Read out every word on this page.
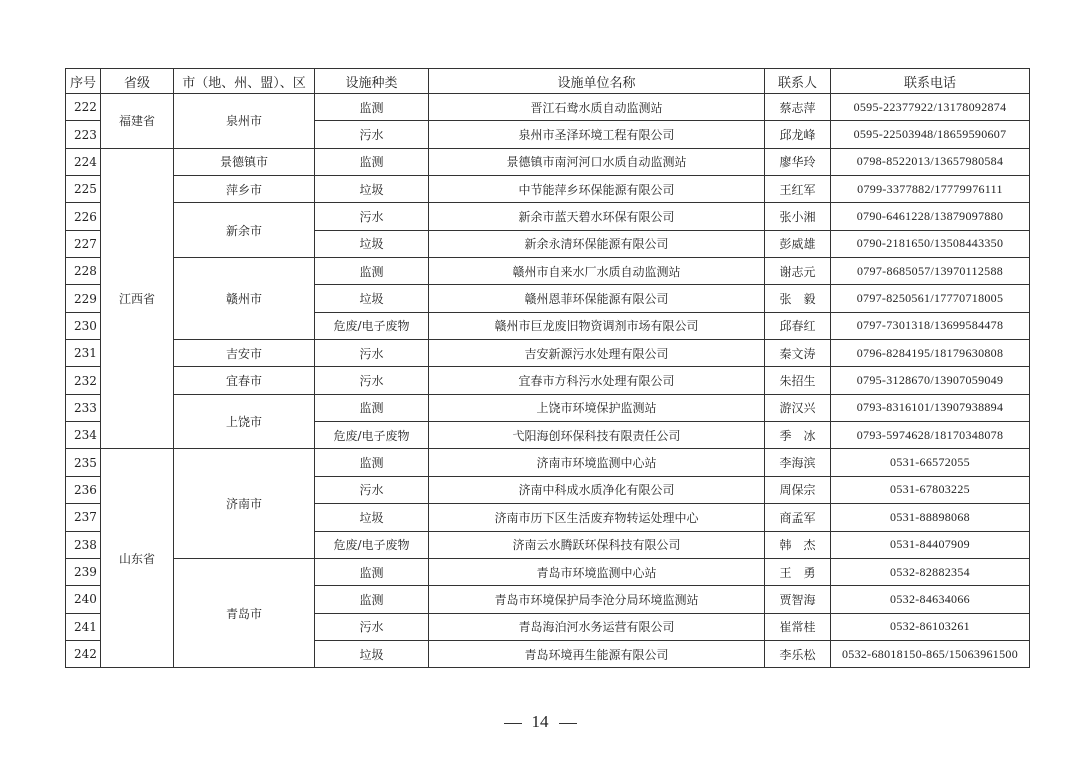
序号	省级	市（地、州、盟）、区	设施种类	设施单位名称	联系人	联系电话
222	福建省	泉州市	监测	晋江石鸯水质自动监测站	蔡志萍	0595-22377922/13178092874
223			污水	泉州市圣泽环境工程有限公司	邱龙峰	0595-22503948/18659590607
224	江西省	景德镇市	监测	景德镇市南河河口水质自动监测站	廖华玲	0798-8522013/13657980584
225		萍乡市	垃圾	中节能萍乡环保能源有限公司	王红军	0799-3377882/17779976111
226		新余市	污水	新余市蓝天碧水环保有限公司	张小湘	0790-6461228/13879097880
227			垃圾	新余永清环保能源有限公司	彭威雄	0790-2181650/13508443350
228		赣州市	监测	赣州市自来水厂水质自动监测站	谢志元	0797-8685057/13970112588
229			垃圾	赣州恩菲环保能源有限公司	张　毅	0797-8250561/17770718005
230			危废/电子废物	赣州市巨龙废旧物资调剂市场有限公司	邱春红	0797-7301318/13699584478
231		吉安市	污水	吉安新源污水处理有限公司	秦文涛	0796-8284195/18179630808
232		宜春市	污水	宜春市方科污水处理有限公司	朱招生	0795-3128670/13907059049
233		上饶市	监测	上饶市环境保护监测站	游汉兴	0793-8316101/13907938894
234			危废/电子废物	弋阳海创环保科技有限责任公司	季　冰	0793-5974628/18170348078
235	山东省	济南市	监测	济南市环境监测中心站	李海滨	0531-66572055
236			污水	济南中科成水质净化有限公司	周保宗	0531-67803225
237			垃圾	济南市历下区生活废弃物转运处理中心	商孟军	0531-88898068
238			危废/电子废物	济南云水腾跃环保科技有限公司	韩　杰	0531-84407909
239		青岛市	监测	青岛市环境监测中心站	王　勇	0532-82882354
240			监测	青岛市环境保护局李沧分局环境监测站	贾智海	0532-84634066
241			污水	青岛海泊河水务运营有限公司	崔常桂	0532-86103261
242			垃圾	青岛环境再生能源有限公司	李乐松	0532-68018150-865/15063961500
14
